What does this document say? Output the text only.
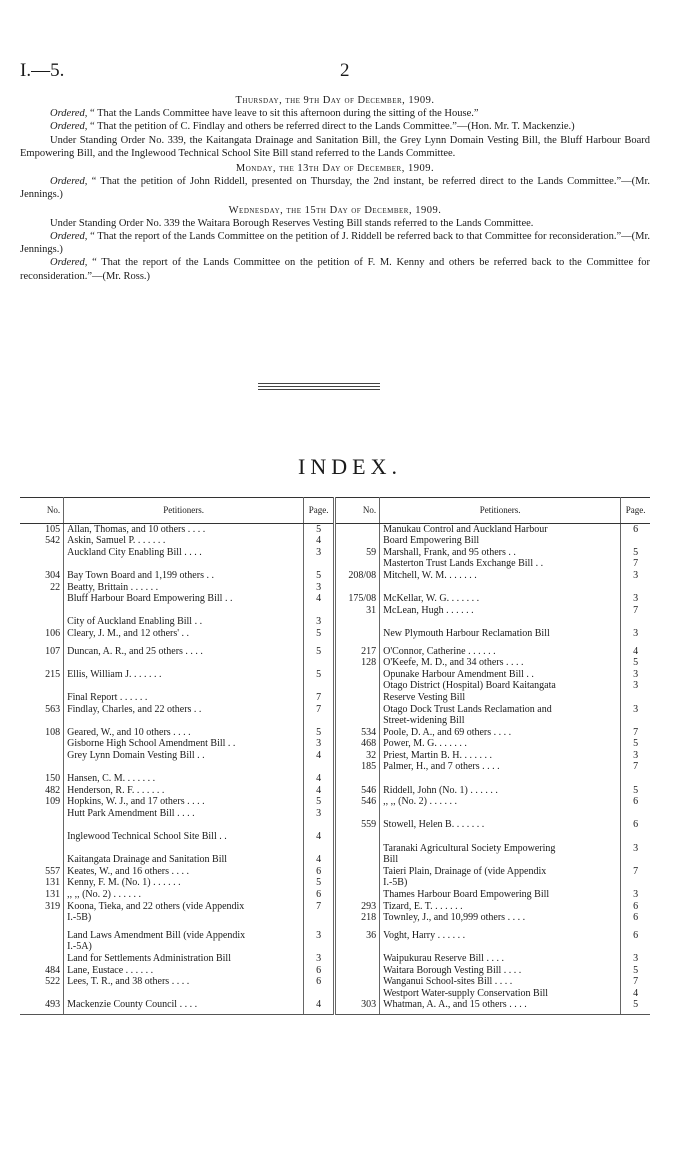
I.—5.	2

Thursday, the 9th Day of December, 1909.

Ordered, “ That the Lands Committee have leave to sit this afternoon during the sitting of the House.”

Ordered, “ That the petition of C. Findlay and others be referred direct to the Lands Committee.”—(Hon. Mr. T. Mackenzie.)

Under Standing Order No. 339, the Kaitangata Drainage and Sanitation Bill, the Grey Lynn Domain Vesting Bill, the Bluff Harbour Board Empowering Bill, and the Inglewood Technical School Site Bill stand referred to the Lands Committee.

Monday, the 13th Day of December, 1909.

Ordered, “ That the petition of John Riddell, presented on Thursday, the 2nd instant, be referred direct to the Lands Committee.”—(Mr. Jennings.)

Wednesday, the 15th Day of December, 1909.

Under Standing Order No. 339 the Waitara Borough Reserves Vesting Bill stands referred to the Lands Committee.

Ordered, “ That the report of the Lands Committee on the petition of J. Riddell be referred back to that Committee for reconsideration.”—(Mr. Jennings.)

Ordered, “ That the report of the Lands Committee on the petition of F. M. Kenny and others be referred back to the Committee for reconsideration.”—(Mr. Ross.)

INDEX.
No.	Petitioners.	Page.	No.	Petitioners.	Page.
105	Allan, Thomas, and 10 others . . . .	5		Manukau Control and Auckland Harbour	6
542	Askin, Samuel P. . . . . . .	4		Board Empowering Bill	
	Auckland City Enabling Bill . . . .	3	59	Marshall, Frank, and 95 others . .	5
				Masterton Trust Lands Exchange Bill . .	7
304	Bay Town Board and 1,199 others . .	5	208/08	Mitchell, W. M. . . . . . .	3
22	Beatty, Brittain . . . . . .	3			
	Bluff Harbour Board Empowering Bill . .	4	175/08	McKellar, W. G. . . . . . .	3
			31	McLean, Hugh . . . . . .	7
	City of Auckland Enabling Bill . .	3			
106	Cleary, J. M., and 12 others' . .	5		New Plymouth Harbour Reclamation Bill	3

107	Duncan, A. R., and 25 others . . . .	5	217	O'Connor, Catherine . . . . . .	4
			128	O'Keefe, M. D., and 34 others . . . .	5
215	Ellis, William J. . . . . . .	5		Opunake Harbour Amendment Bill . .	3
				Otago District (Hospital) Board Kaitangata	3
	Final Report . . . . . .	7		Reserve Vesting Bill	
563	Findlay, Charles, and 22 others . .	7		Otago Dock Trust Lands Reclamation and	3
				Street-widening Bill	
108	Geared, W., and 10 others . . . .	5	534	Poole, D. A., and 69 others . . . .	7
	Gisborne High School Amendment Bill . .	3	468	Power, M. G. . . . . . .	5
	Grey Lynn Domain Vesting Bill . .	4	32	Priest, Martin B. H. . . . . . .	3
			185	Palmer, H., and 7 others . . . .	7
150	Hansen, C. M. . . . . . .	4			
482	Henderson, R. F. . . . . . .	4	546	Riddell, John (No. 1) . . . . . .	5
109	Hopkins, W. J., and 17 others . . . .	5	546	,, ,, (No. 2) . . . . . .	6
	Hutt Park Amendment Bill . . . .	3			
			559	Stowell, Helen B. . . . . . .	6
	Inglewood Technical School Site Bill . .	4			
				Taranaki Agricultural Society Empowering	3
	Kaitangata Drainage and Sanitation Bill	4		Bill	
557	Keates, W., and 16 others . . . .	6		Taieri Plain, Drainage of (vide Appendix	7
131	Kenny, F. M. (No. 1) . . . . . .	5		I.-5B)	
131	,, ,, (No. 2) . . . . . .	6		Thames Harbour Board Empowering Bill	3
319	Koona, Tieka, and 22 others (vide Appendix	7	293	Tizard, E. T. . . . . . .	6
	I.-5B)		218	Townley, J., and 10,999 others . . . .	6

	Land Laws Amendment Bill (vide Appendix	3	36	Voght, Harry . . . . . .	6
	I.-5A)				
	Land for Settlements Administration Bill	3		Waipukurau Reserve Bill . . . .	3
484	Lane, Eustace . . . . . .	6		Waitara Borough Vesting Bill . . . .	5
522	Lees, T. R., and 38 others . . . .	6		Wanganui School-sites Bill . . . .	7
				Westport Water-supply Conservation Bill	4
493	Mackenzie County Council . . . .	4	303	Whatman, A. A., and 15 others . . . .	5
